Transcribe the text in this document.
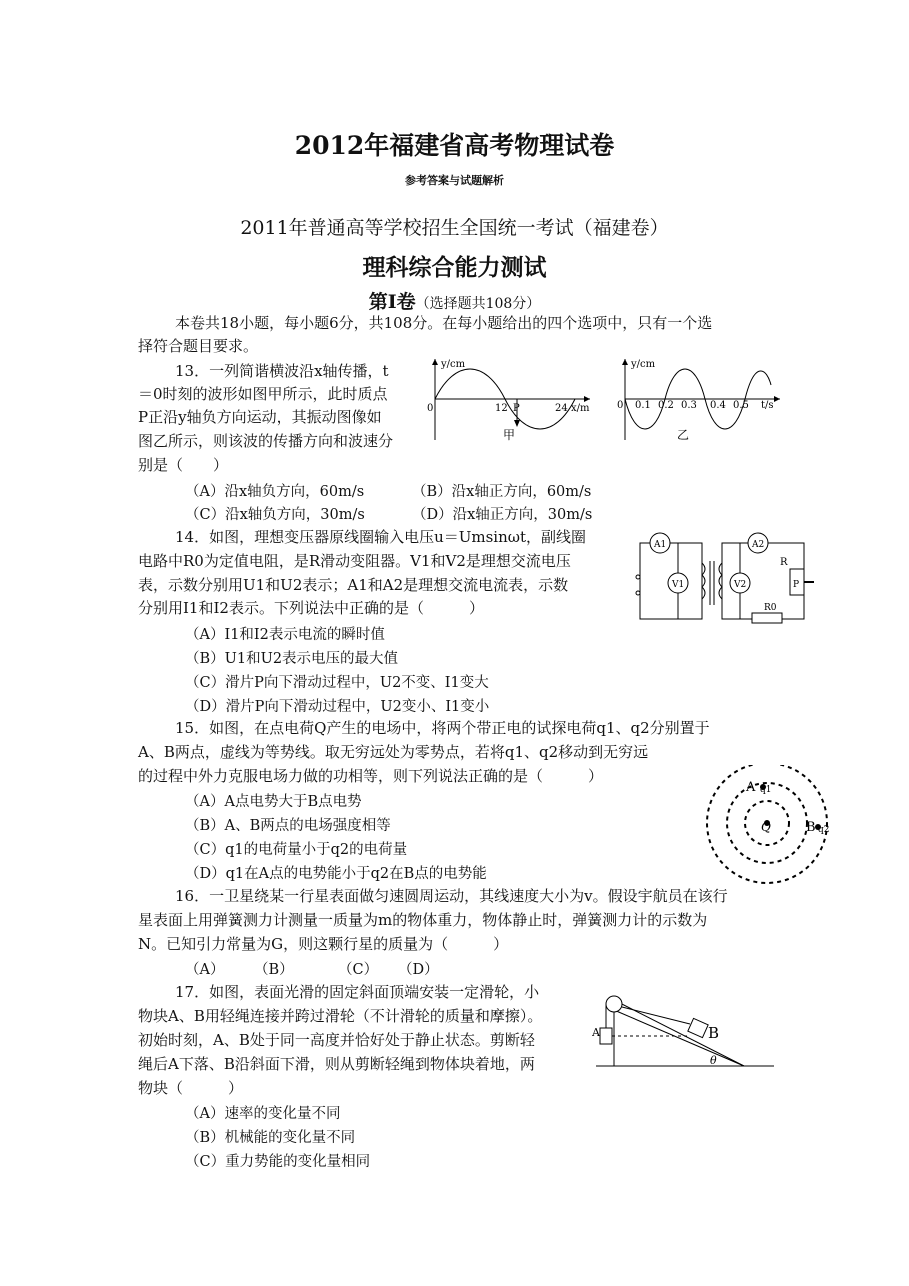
2012年福建省高考物理试卷
参考答案与试题解析
2011年普通高等学校招生全国统一考试（福建卷）
理科综合能力测试
第I卷（选择题共108分）
本卷共18小题，每小题6分，共108分。在每小题给出的四个选项中，只有一个选
择符合题目要求。
13．一列简谐横波沿x轴传播，t
＝0时刻的波形如图甲所示，此时质点
P正沿y轴负方向运动，其振动图像如
图乙所示，则该波的传播方向和波速分
别是（　　）
（A）沿x轴负方向，60m/s	（B）沿x轴正方向，60m/s
（C）沿x轴负方向，30m/s	（D）沿x轴正方向，30m/s
y/cm
0	12 P	24 x/m
甲
y/cm
0 0.1 0.2 0.3 0.4 0.5 t/s
乙
14．如图，理想变压器原线圈输入电压u＝Umsinωt，副线圈
电路中R0为定值电阻，是R滑动变阻器。V1和V2是理想交流电压
表，示数分别用U1和U2表示；A1和A2是理想交流电流表，示数
分别用I1和I2表示。下列说法中正确的是（　　　）
（A）I1和I2表示电流的瞬时值
（B）U1和U2表示电压的最大值
（C）滑片P向下滑动过程中，U2不变、I1变大
（D）滑片P向下滑动过程中，U2变小、I1变小
A1	A2
V1	V2
R
P
R0
15．如图，在点电荷Q产生的电场中，将两个带正电的试探电荷q1、q2分别置于
A、B两点，虚线为等势线。取无穷远处为零势点，若将q1、q2移动到无穷远
的过程中外力克服电场力做的功相等，则下列说法正确的是（　　　）
（A）A点电势大于B点电势
（B）A、B两点的电场强度相等
（C）q1的电荷量小于q2的电荷量
（D）q1在A点的电势能小于q2在B点的电势能
A q1
Q	B q2
16．一卫星绕某一行星表面做匀速圆周运动，其线速度大小为v。假设宇航员在该行
星表面上用弹簧测力计测量一质量为m的物体重力，物体静止时，弹簧测力计的示数为
N。已知引力常量为G，则这颗行星的质量为（　　　）
（A） （B）	（C） （D）
17．如图，表面光滑的固定斜面顶端安装一定滑轮，小
物块A、B用轻绳连接并跨过滑轮（不计滑轮的质量和摩擦）。
初始时刻，A、B处于同一高度并恰好处于静止状态。剪断轻
绳后A下落、B沿斜面下滑，则从剪断轻绳到物体块着地，两
物块（　　　）
（A）速率的变化量不同
（B）机械能的变化量不同
（C）重力势能的变化量相同
A	B
θ
